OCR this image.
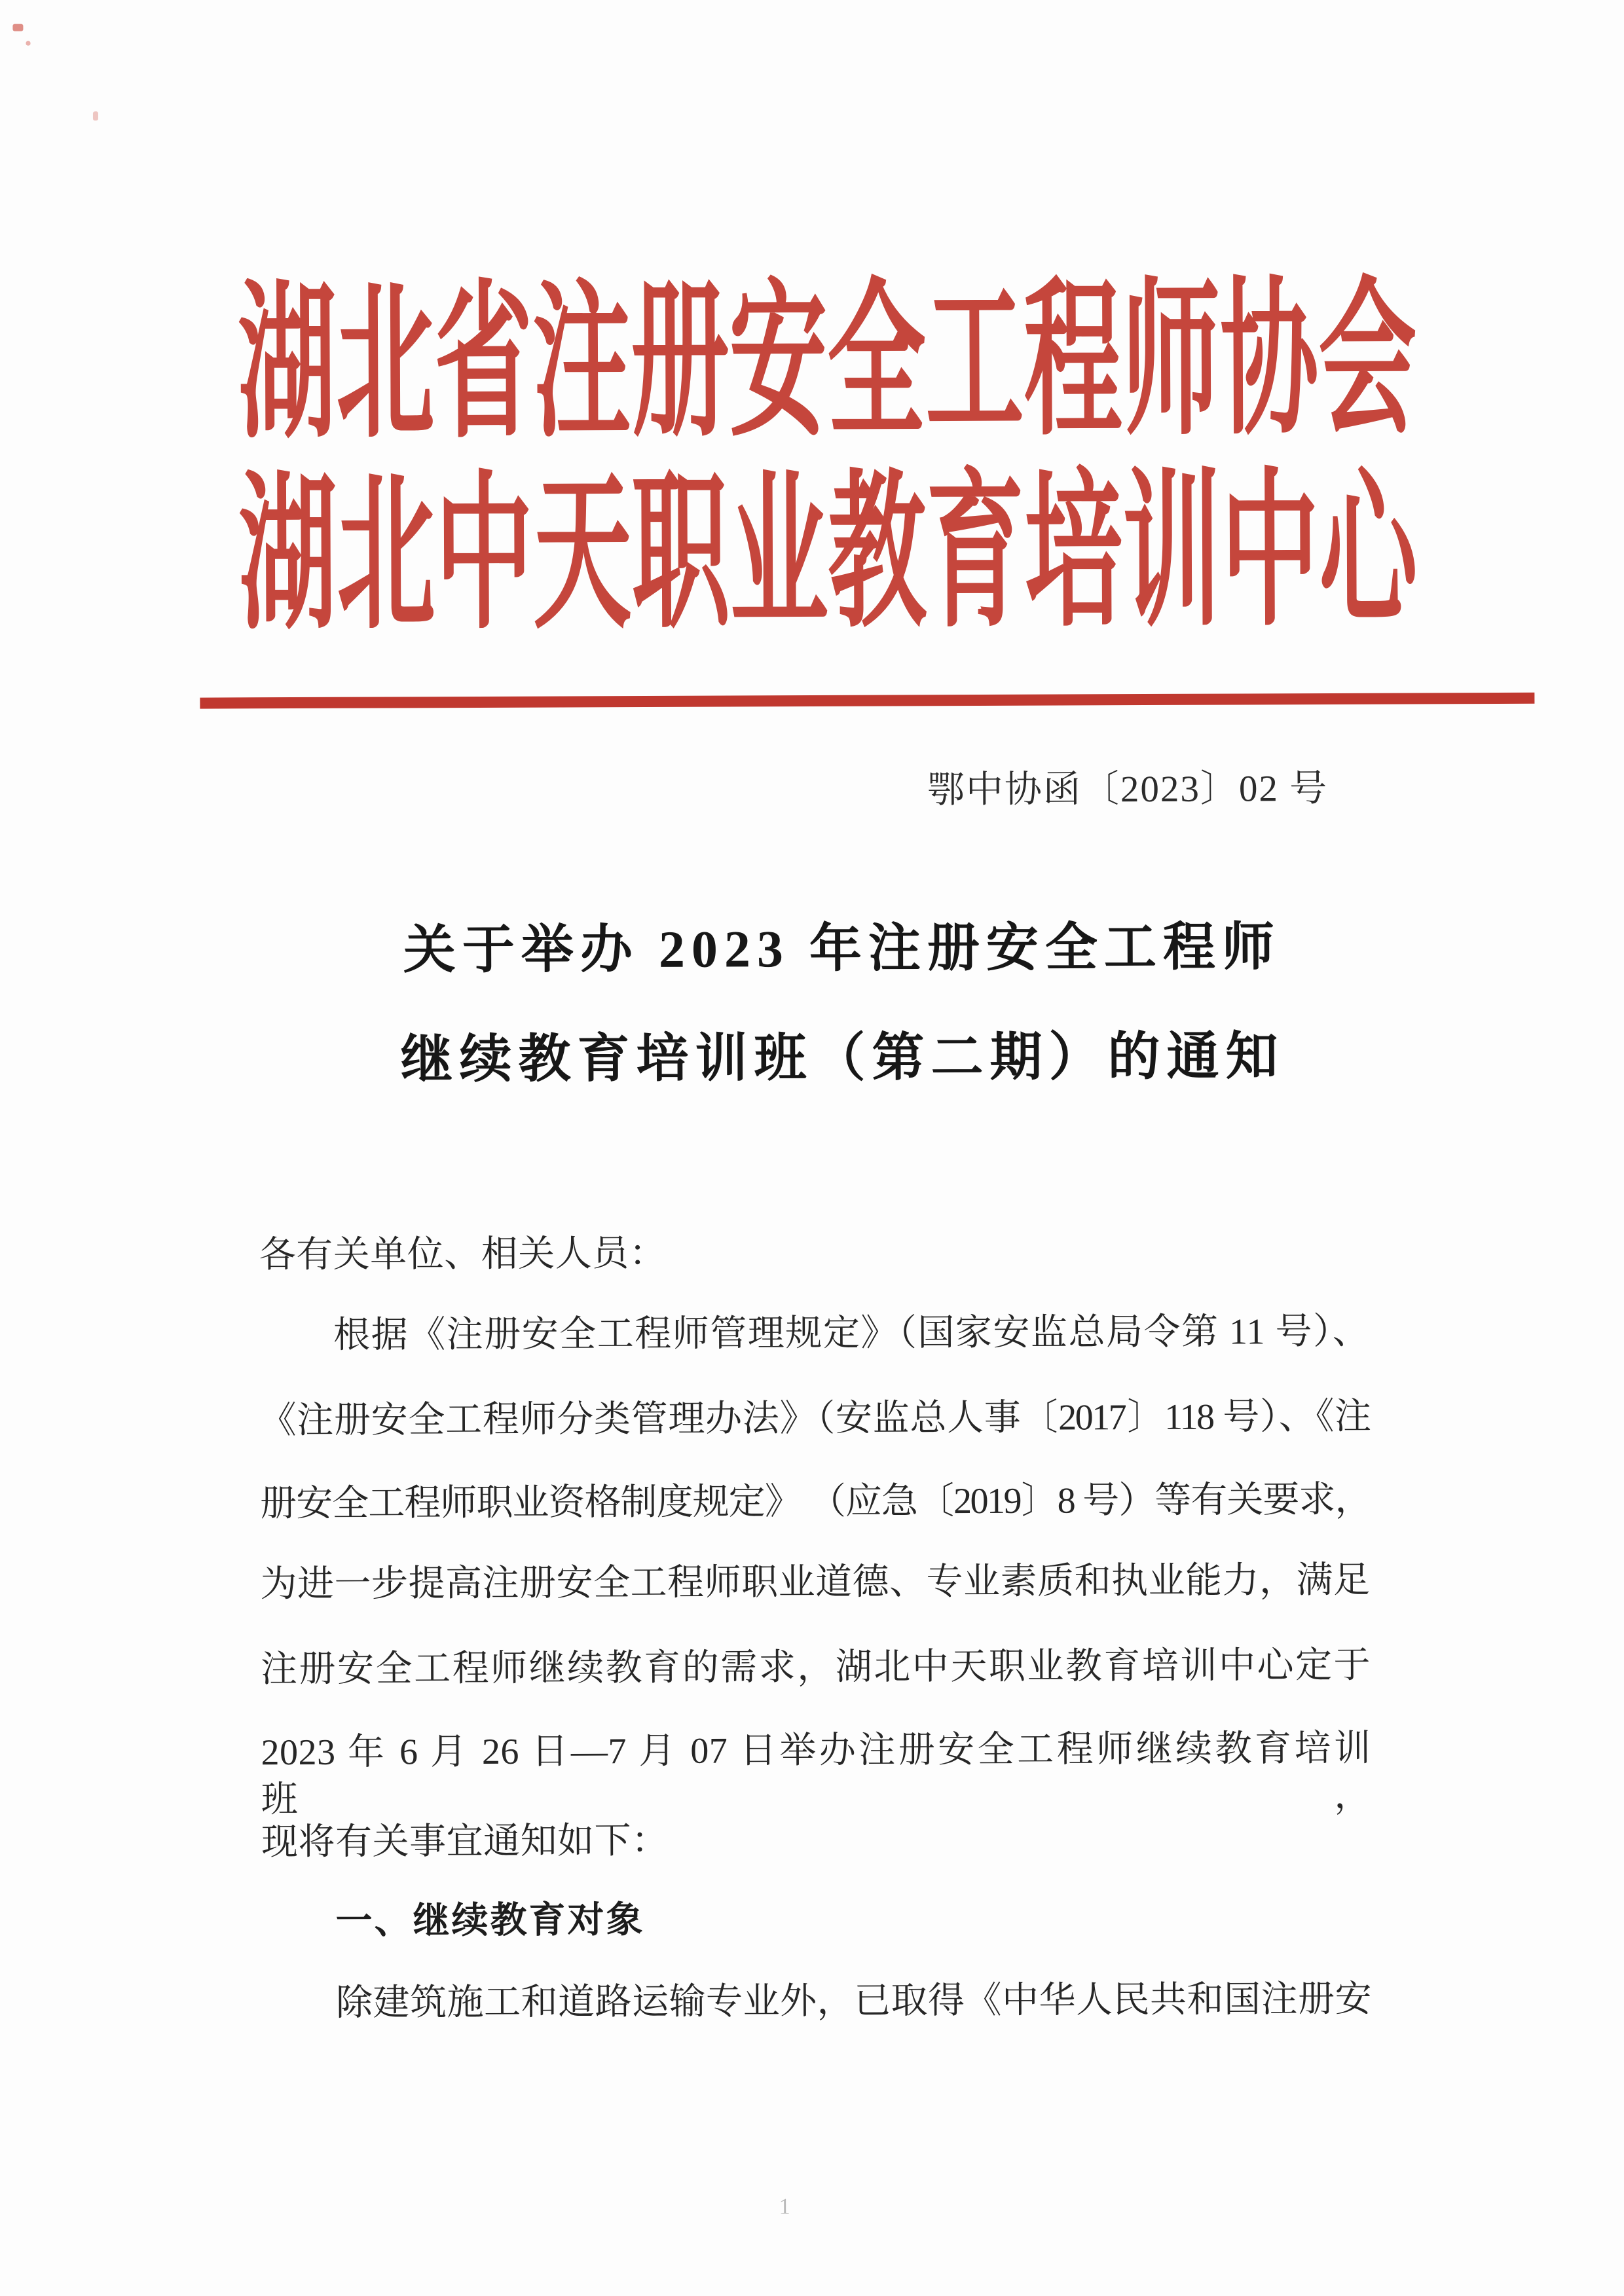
湖北省注册安全工程师协会
湖北中天职业教育培训中心
鄂中协函〔2023〕02 号
关于举办 2023 年注册安全工程师
继续教育培训班（第二期）的通知
各有关单位、相关人员：
根据《注册安全工程师管理规定》（国家安监总局令第 11 号）、
《注册安全工程师分类管理办法》（安监总人事〔2017〕118 号）、《注
册安全工程师职业资格制度规定》 （应急〔2019〕8 号）等有关要求，
为进一步提高注册安全工程师职业道德、专业素质和执业能力，满足
注册安全工程师继续教育的需求，湖北中天职业教育培训中心定于
2023 年 6 月 26 日—7 月 07 日举办注册安全工程师继续教育培训班，
现将有关事宜通知如下：
一、继续教育对象
除建筑施工和道路运输专业外，已取得《中华人民共和国注册安
1
